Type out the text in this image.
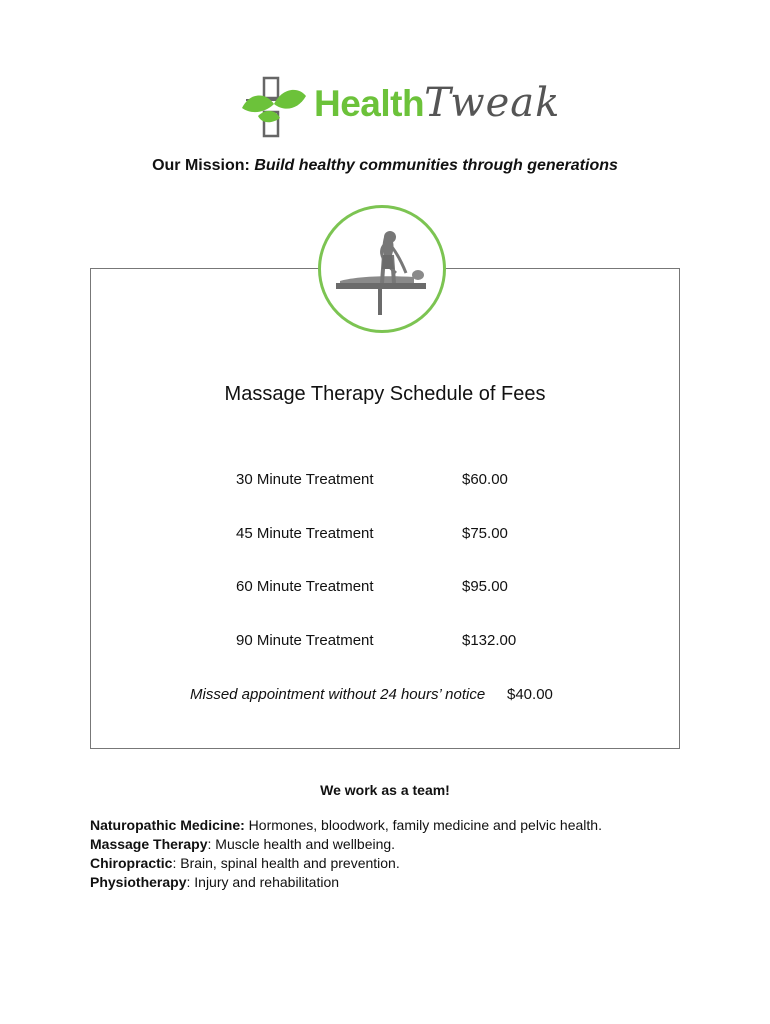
HealthTweak
Our Mission: Build healthy communities through generations
Massage Therapy Schedule of Fees
30 Minute Treatment	$60.00
45 Minute Treatment	$75.00
60 Minute Treatment	$95.00
90 Minute Treatment	$132.00
Missed appointment without 24 hours’ notice $40.00
We work as a team!
Naturopathic Medicine: Hormones, bloodwork, family medicine and pelvic health.
Massage Therapy: Muscle health and wellbeing.
Chiropractic: Brain, spinal health and prevention.
Physiotherapy: Injury and rehabilitation
